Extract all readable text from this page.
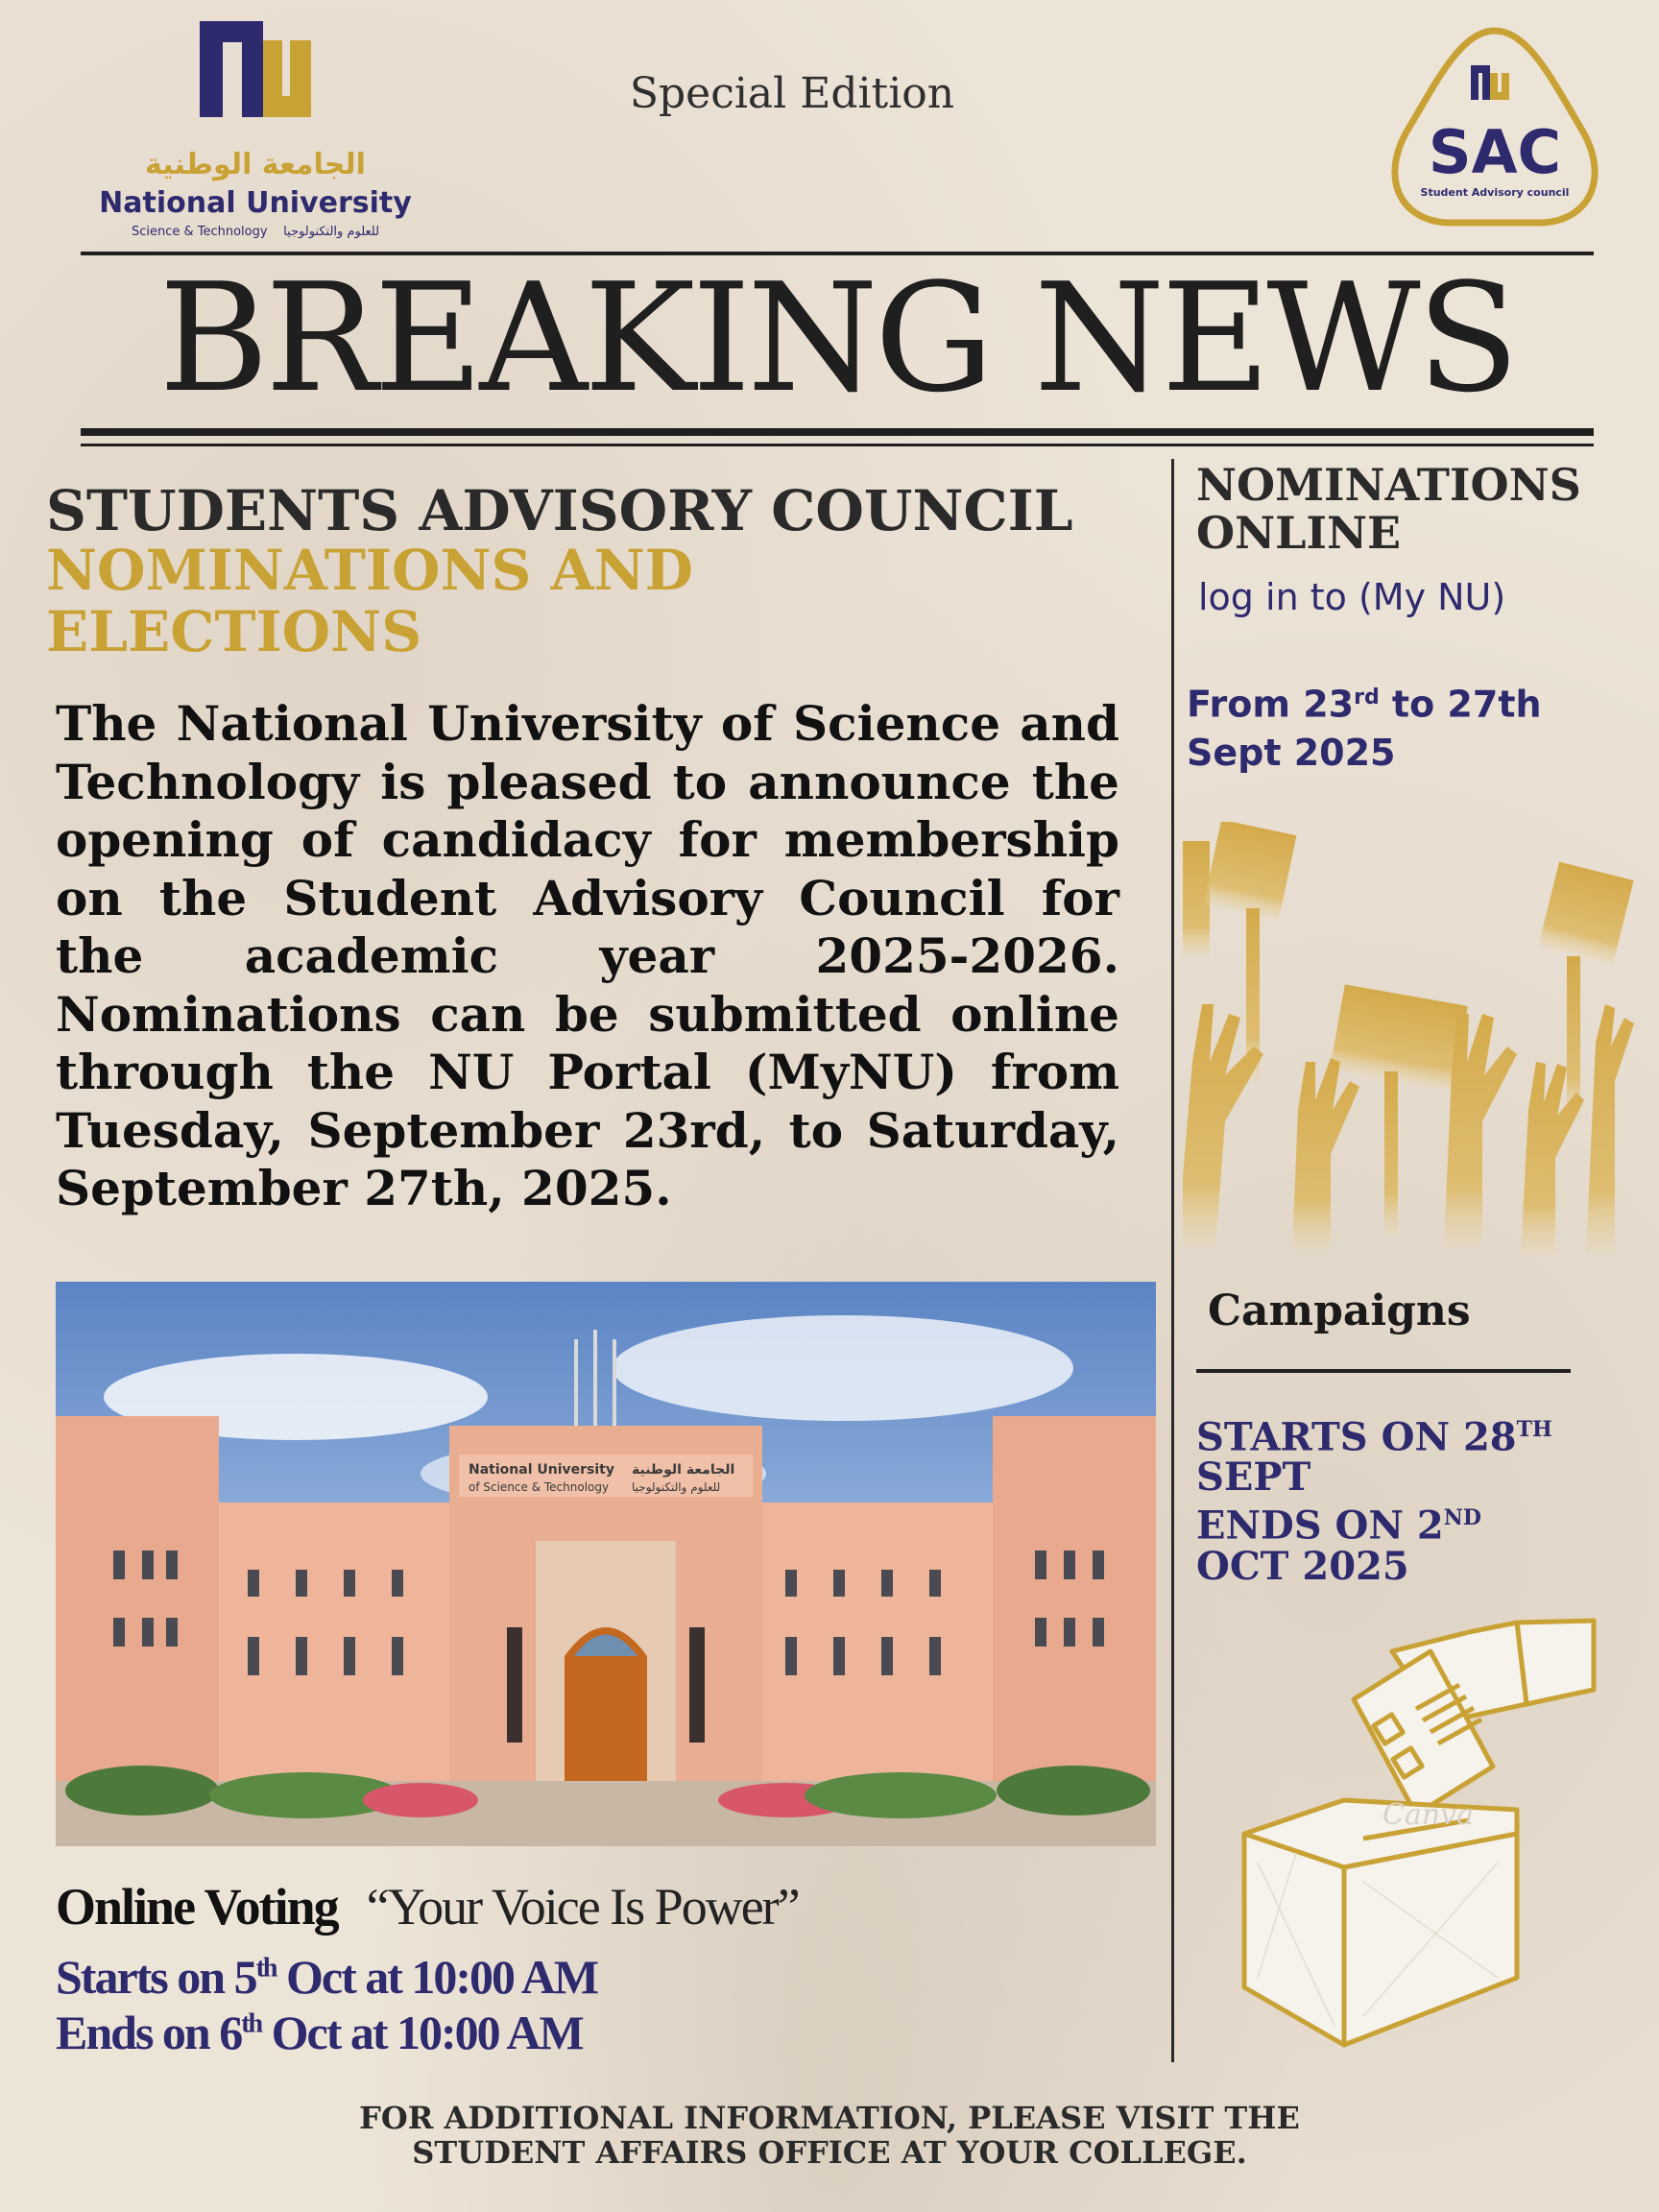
الجامعة الوطنية
National University
Science & Technology للعلوم والتكنولوجيا
Special Edition
SAC
Student Advisory council
BREAKING NEWS
STUDENTS ADVISORY COUNCIL
NOMINATIONS AND ELECTIONS
The National University of Science and Technology is pleased to announce the opening of candidacy for membership on the Student Advisory Council for the academic year 2025-2026. Nominations can be submitted online through the NU Portal (MyNU) from Tuesday, September 23rd, to Saturday, September 27th, 2025.
National University
of Science & Technology
الجامعة الوطنية
للعلوم والتكنولوجيا
Online Voting “Your Voice Is Power”
Starts on 5th Oct at 10:00 AM
Ends on 6th Oct at 10:00 AM
NOMINATIONS ONLINE
log in to (My NU)
From 23rd to 27th Sept 2025
Campaigns
STARTS ON 28TH
SEPT
ENDS ON 2ND
OCT 2025
Canva
FOR ADDITIONAL INFORMATION, PLEASE VISIT THE
STUDENT AFFAIRS OFFICE AT YOUR COLLEGE.
